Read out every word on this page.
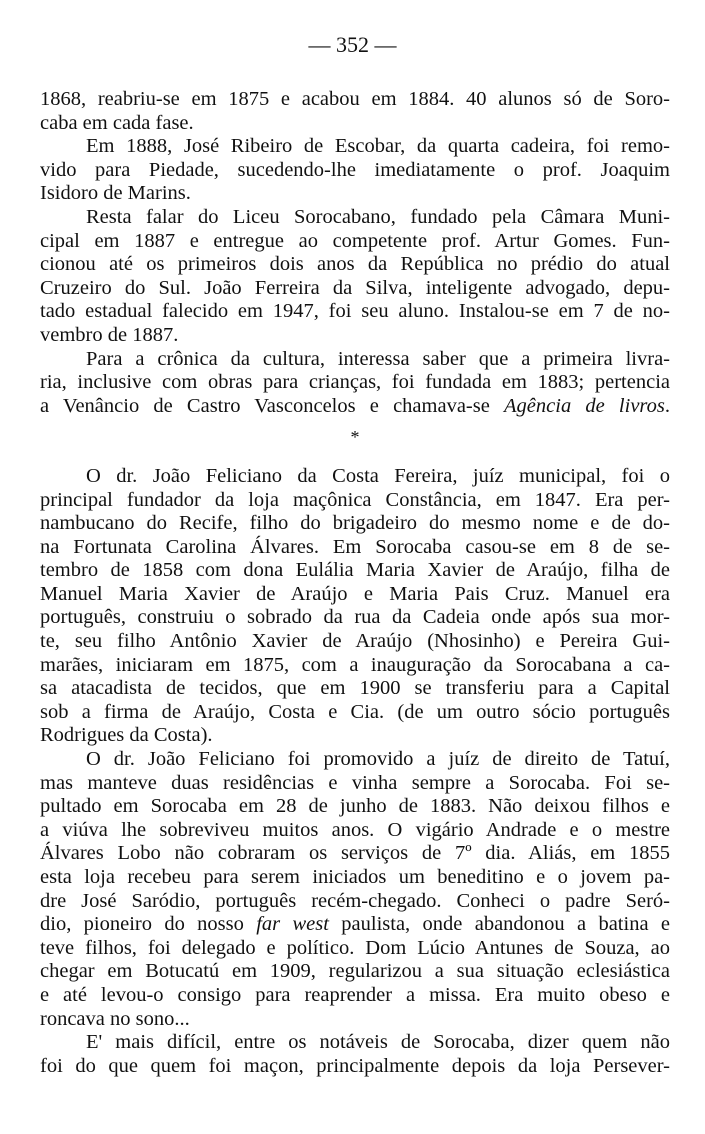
— 352 —
1868, reabriu-se em 1875 e acabou em 1884. 40 alunos só de Soro-
caba em cada fase.
Em 1888, José Ribeiro de Escobar, da quarta cadeira, foi remo-
vido para Piedade, sucedendo-lhe imediatamente o prof. Joaquim
Isidoro de Marins.
Resta falar do Liceu Sorocabano, fundado pela Câmara Muni-
cipal em 1887 e entregue ao competente prof. Artur Gomes. Fun-
cionou até os primeiros dois anos da República no prédio do atual
Cruzeiro do Sul. João Ferreira da Silva, inteligente advogado, depu-
tado estadual falecido em 1947, foi seu aluno. Instalou-se em 7 de no-
vembro de 1887.
Para a crônica da cultura, interessa saber que a primeira livra-
ria, inclusive com obras para crianças, foi fundada em 1883; pertencia
a Venâncio de Castro Vasconcelos e chamava-se Agência de livros.
*
O dr. João Feliciano da Costa Fereira, juíz municipal, foi o
principal fundador da loja maçônica Constância, em 1847. Era per-
nambucano do Recife, filho do brigadeiro do mesmo nome e de do-
na Fortunata Carolina Álvares. Em Sorocaba casou-se em 8 de se-
tembro de 1858 com dona Eulália Maria Xavier de Araújo, filha de
Manuel Maria Xavier de Araújo e Maria Pais Cruz. Manuel era
português, construiu o sobrado da rua da Cadeia onde após sua mor-
te, seu filho Antônio Xavier de Araújo (Nhosinho) e Pereira Gui-
marães, iniciaram em 1875, com a inauguração da Sorocabana a ca-
sa atacadista de tecidos, que em 1900 se transferiu para a Capital
sob a firma de Araújo, Costa e Cia. (de um outro sócio português
Rodrigues da Costa).
O dr. João Feliciano foi promovido a juíz de direito de Tatuí,
mas manteve duas residências e vinha sempre a Sorocaba. Foi se-
pultado em Sorocaba em 28 de junho de 1883. Não deixou filhos e
a viúva lhe sobreviveu muitos anos. O vigário Andrade e o mestre
Álvares Lobo não cobraram os serviços de 7º dia. Aliás, em 1855
esta loja recebeu para serem iniciados um beneditino e o jovem pa-
dre José Saródio, português recém-chegado. Conheci o padre Seró-
dio, pioneiro do nosso far west paulista, onde abandonou a batina e
teve filhos, foi delegado e político. Dom Lúcio Antunes de Souza, ao
chegar em Botucatú em 1909, regularizou a sua situação eclesiástica
e até levou-o consigo para reaprender a missa. Era muito obeso e
roncava no sono...
E' mais difícil, entre os notáveis de Sorocaba, dizer quem não
foi do que quem foi maçon, principalmente depois da loja Persever-
